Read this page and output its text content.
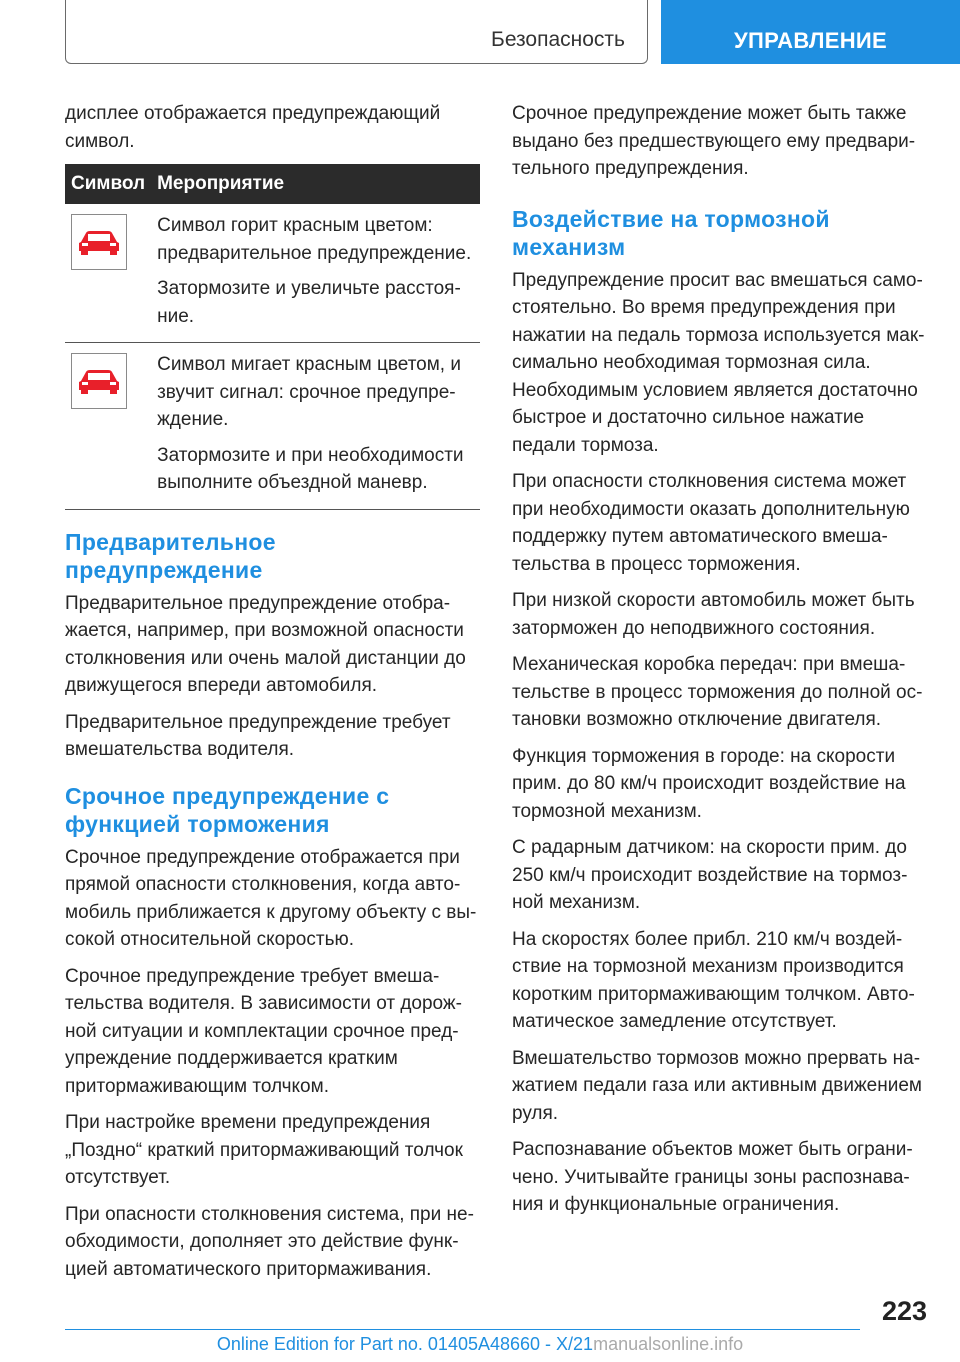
Безопасность	УПРАВЛЕНИЕ

дисплее отображается предупреждающий символ.

Символ	Мероприятие

Символ горит красным цветом: предварительное предупреждение.

Затормозите и увеличьте расстояние.

Символ мигает красным цветом, и звучит сигнал: срочное предупреждение.

Затормозите и при необходимости выполните объездной маневр.

Предварительное предупреждение

Предварительное предупреждение отображается, например, при возможной опасности столкновения или очень малой дистанции до движущегося впереди автомобиля.

Предварительное предупреждение требует вмешательства водителя.

Срочное предупреждение с функцией торможения

Срочное предупреждение отображается при прямой опасности столкновения, когда автомобиль приближается к другому объекту с высокой относительной скоростью.

Срочное предупреждение требует вмешательства водителя. В зависимости от дорожной ситуации и комплектации срочное предупреждение поддерживается кратким притормаживающим толчком.

При настройке времени предупреждения „Поздно“ краткий притормаживающий толчок отсутствует.

При опасности столкновения система, при необходимости, дополняет это действие функцией автоматического притормаживания.

Срочное предупреждение может быть также выдано без предшествующего ему предварительного предупреждения.

Воздействие на тормозной механизм

Предупреждение просит вас вмешаться самостоятельно. Во время предупреждения при нажатии на педаль тормоза используется максимально необходимая тормозная сила. Необходимым условием является достаточно быстрое и достаточно сильное нажатие педали тормоза.

При опасности столкновения система может при необходимости оказать дополнительную поддержку путем автоматического вмешательства в процесс торможения.

При низкой скорости автомобиль может быть заторможен до неподвижного состояния.

Механическая коробка передач: при вмешательстве в процесс торможения до полной остановки возможно отключение двигателя.

Функция торможения в городе: на скорости прим. до 80 км/ч происходит воздействие на тормозной механизм.

С радарным датчиком: на скорости прим. до 250 км/ч происходит воздействие на тормозной механизм.

На скоростях более прибл. 210 км/ч воздействие на тормозной механизм производится коротким притормаживающим толчком. Автоматическое замедление отсутствует.

Вмешательство тормозов можно прервать нажатием педали газа или активным движением руля.

Распознавание объектов может быть ограничено. Учитывайте границы зоны распознавания и функциональные ограничения.

223
Online Edition for Part no. 01405A48660 - X/21manualsonline.info
